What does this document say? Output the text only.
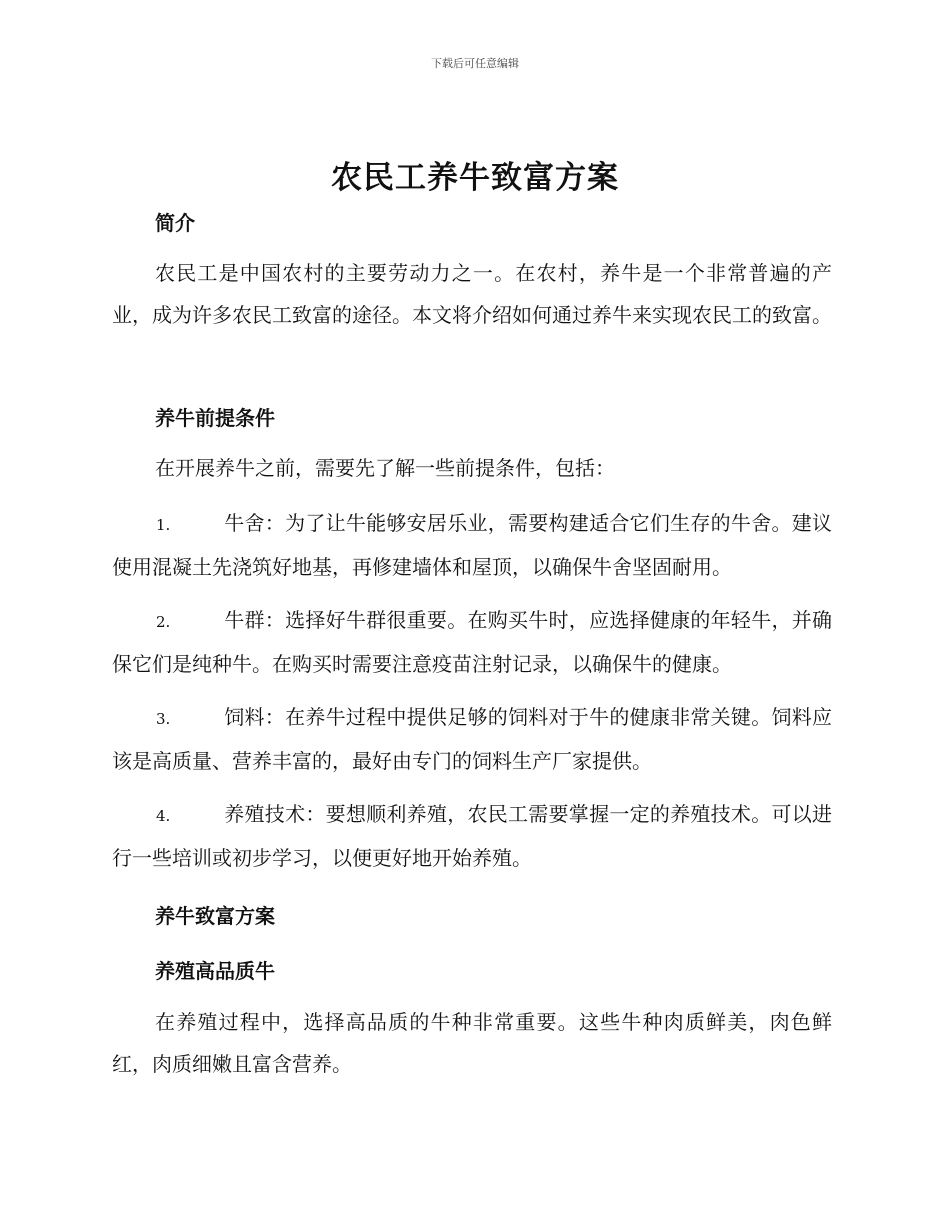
下载后可任意编辑
农民工养牛致富方案
简介

农民工是中国农村的主要劳动力之一。在农村，养牛是一个非常普遍的产业，成为许多农民工致富的途径。本文将介绍如何通过养牛来实现农民工的致富。

养牛前提条件

在开展养牛之前，需要先了解一些前提条件，包括：

1.	牛舍：为了让牛能够安居乐业，需要构建适合它们生存的牛舍。建议使用混凝土先浇筑好地基，再修建墙体和屋顶，以确保牛舍坚固耐用。

2.	牛群：选择好牛群很重要。在购买牛时，应选择健康的年轻牛，并确保它们是纯种牛。在购买时需要注意疫苗注射记录，以确保牛的健康。

3.	饲料：在养牛过程中提供足够的饲料对于牛的健康非常关键。饲料应该是高质量、营养丰富的，最好由专门的饲料生产厂家提供。

4.	养殖技术：要想顺利养殖，农民工需要掌握一定的养殖技术。可以进行一些培训或初步学习，以便更好地开始养殖。

养牛致富方案
养殖高品质牛

在养殖过程中，选择高品质的牛种非常重要。这些牛种肉质鲜美，肉色鲜红，肉质细嫩且富含营养。
